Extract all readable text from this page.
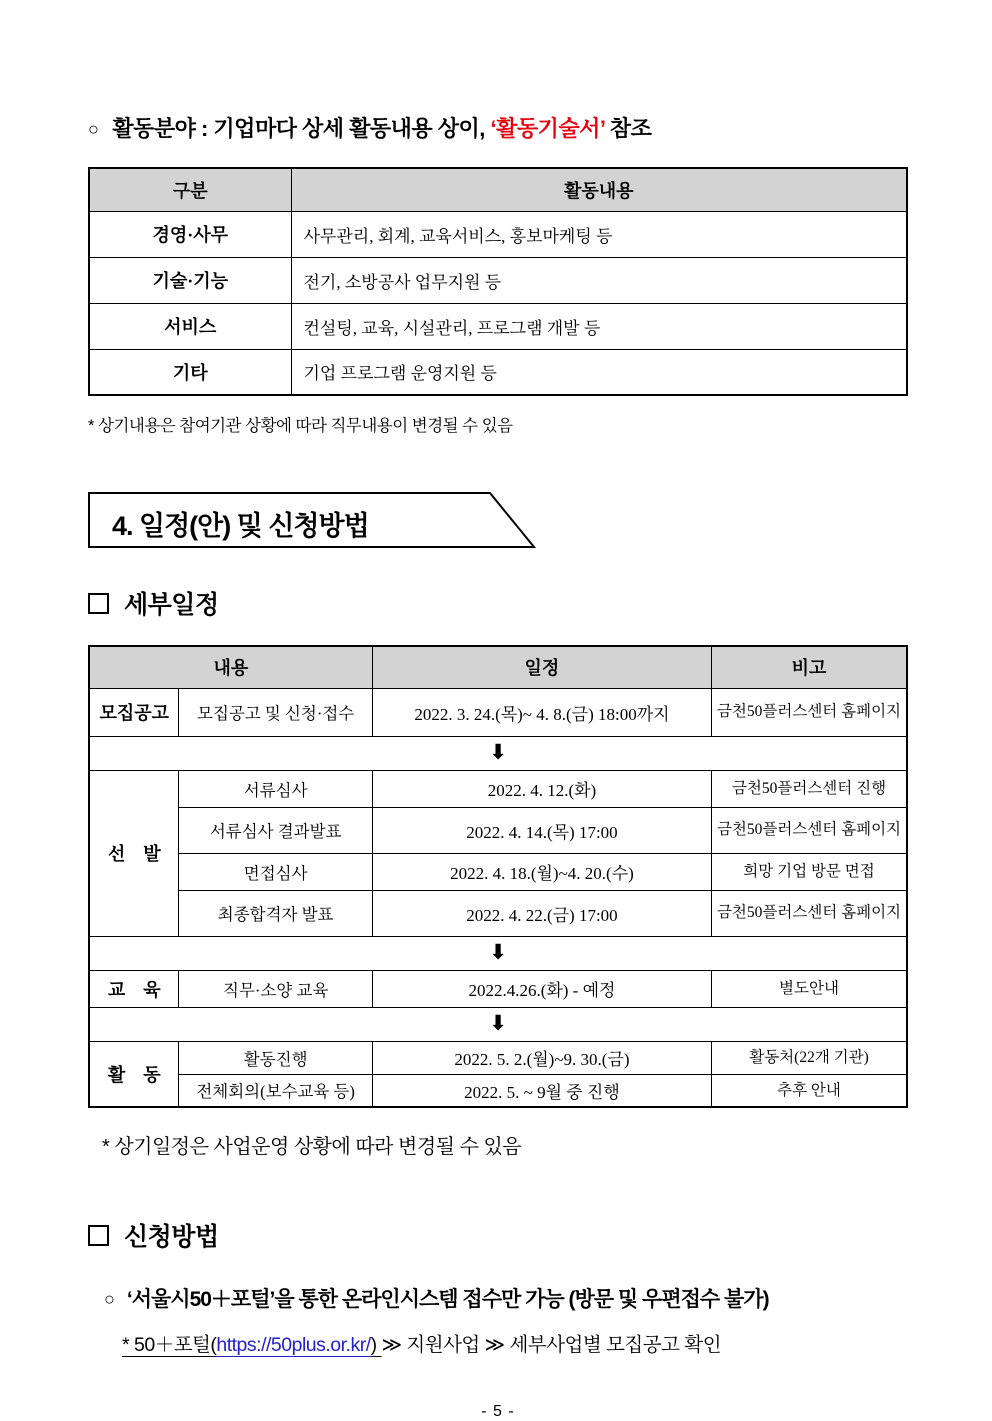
○ 활동분야 : 기업마다 상세 활동내용 상이, ‘활동기술서’ 참조
구분	활동내용
경영·사무	사무관리, 회계, 교육서비스, 홍보마케팅 등
기술·기능	전기, 소방공사 업무지원 등
서비스	컨설팅, 교육, 시설관리, 프로그램 개발 등
기타	기업 프로그램 운영지원 등
* 상기내용은 참여기관 상황에 따라 직무내용이 변경될 수 있음
4. 일정(안) 및 신청방법
세부일정
내용		일정	비고
모집공고	모집공고 및 신청·접수	2022. 3. 24.(목)~ 4. 8.(금) 18:00까지	금천50플러스센터 홈페이지
⬇			
선    발	서류심사	2022. 4. 12.(화)	금천50플러스센터 진행
	서류심사 결과발표	2022. 4. 14.(목) 17:00	금천50플러스센터 홈페이지
	면접심사	2022. 4. 18.(월)~4. 20.(수)	희망 기업 방문 면접
	최종합격자 발표	2022. 4. 22.(금) 17:00	금천50플러스센터 홈페이지
⬇			
교    육	직무·소양 교육	2022.4.26.(화) - 예정	별도안내
⬇			
활    동	활동진행	2022. 5. 2.(월)~9. 30.(금)	활동처(22개 기관)
	전체회의(보수교육 등)	2022. 5. ~ 9월 중 진행	추후 안내
* 상기일정은 사업운영 상황에 따라 변경될 수 있음
신청방법
○ ‘서울시50＋포털’을 통한 온라인시스템 접수만 가능 (방문 및 우편접수 불가)
* 50＋포털(https://50plus.or.kr/) ≫ 지원사업 ≫ 세부사업별 모집공고 확인
- 5 -
